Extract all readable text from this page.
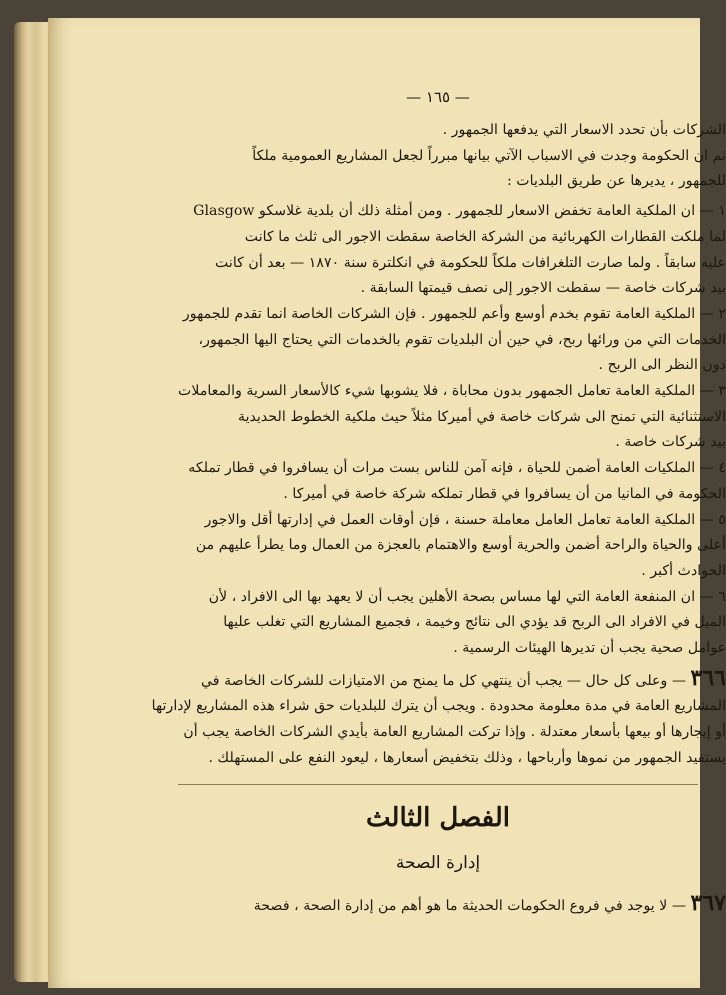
— ١٦٥ —
الشركات بأن تحدد الاسعار التي يدفعها الجمهور .
ثم ان الحكومة وجدت في الاسباب الآتي بيانها مبرراً لجعل المشاريع العمومية ملكاً
للجمهور ، يديرها عن طريق البلديات :
١ — ان الملكية العامة تخفض الاسعار للجمهور . ومن أمثلة ذلك أن بلدية غلاسكو Glasgow
لما ملكت القطارات الكهربائية من الشركة الخاصة سقطت الاجور الى ثلث ما كانت
عليه سابقاً . ولما صارت التلغرافات ملكاً للحكومة في انكلترة سنة ١٨٧٠ — بعد أن كانت
بيد شركات خاصة — سقطت الاجور إلى نصف قيمتها السابقة .
٢ — الملكية العامة تقوم بخدم أوسع وأعم للجمهور . فإن الشركات الخاصة انما تقدم للجمهور
الخدمات التي من ورائها ربح، في حين أن البلديات تقوم بالخدمات التي يحتاج اليها الجمهور،
دون النظر الى الربح .
٣ — الملكية العامة تعامل الجمهور بدون محاباة ، فلا يشوبها شيء كالأسعار السرية والمعاملات
الاستثنائية التي تمنح الى شركات خاصة في أميركا مثلاً حيث ملكية الخطوط الحديدية
بيد شركات خاصة .
٤ — الملكيات العامة أضمن للحياة ، فإنه آمن للناس بست مرات أن يسافروا في قطار تملكه
الحكومة في المانيا من أن يسافروا في قطار تملكه شركة خاصة في أميركا .
٥ — الملكية العامة تعامل العامل معاملة حسنة ، فإن أوقات العمل في إدارتها أقل والاجور
أعلى والحياة والراحة أضمن والحرية أوسع والاهتمام بالعجزة من العمال وما يطرأ عليهم من
الحوادث أكبر .
٦ — ان المنفعة العامة التي لها مساس بصحة الأهلين يجب أن لا يعهد بها الى الافراد ، لأن
الميل في الافراد الى الربح قد يؤدي الى نتائج وخيمة ، فجميع المشاريع التي تغلب عليها
عوامل صحية يجب أن تديرها الهيئات الرسمية .
٣٦٦ — وعلى كل حال — يجب أن ينتهي كل ما يمنح من الامتيازات للشركات الخاصة في
المشاريع العامة في مدة معلومة محدودة . ويجب أن يترك للبلديات حق شراء هذه المشاريع لإدارتها
أو إيجارها أو بيعها بأسعار معتدلة . وإذا تركت المشاريع العامة بأيدي الشركات الخاصة يجب أن
يستفيد الجمهور من نموها وأرباحها ، وذلك بتخفيض أسعارها ، ليعود النفع على المستهلك .
الفصل الثالث
إدارة الصحة
٣٦٧ — لا يوجد في فروع الحكومات الحديثة ما هو أهم من إدارة الصحة ، فصحة
